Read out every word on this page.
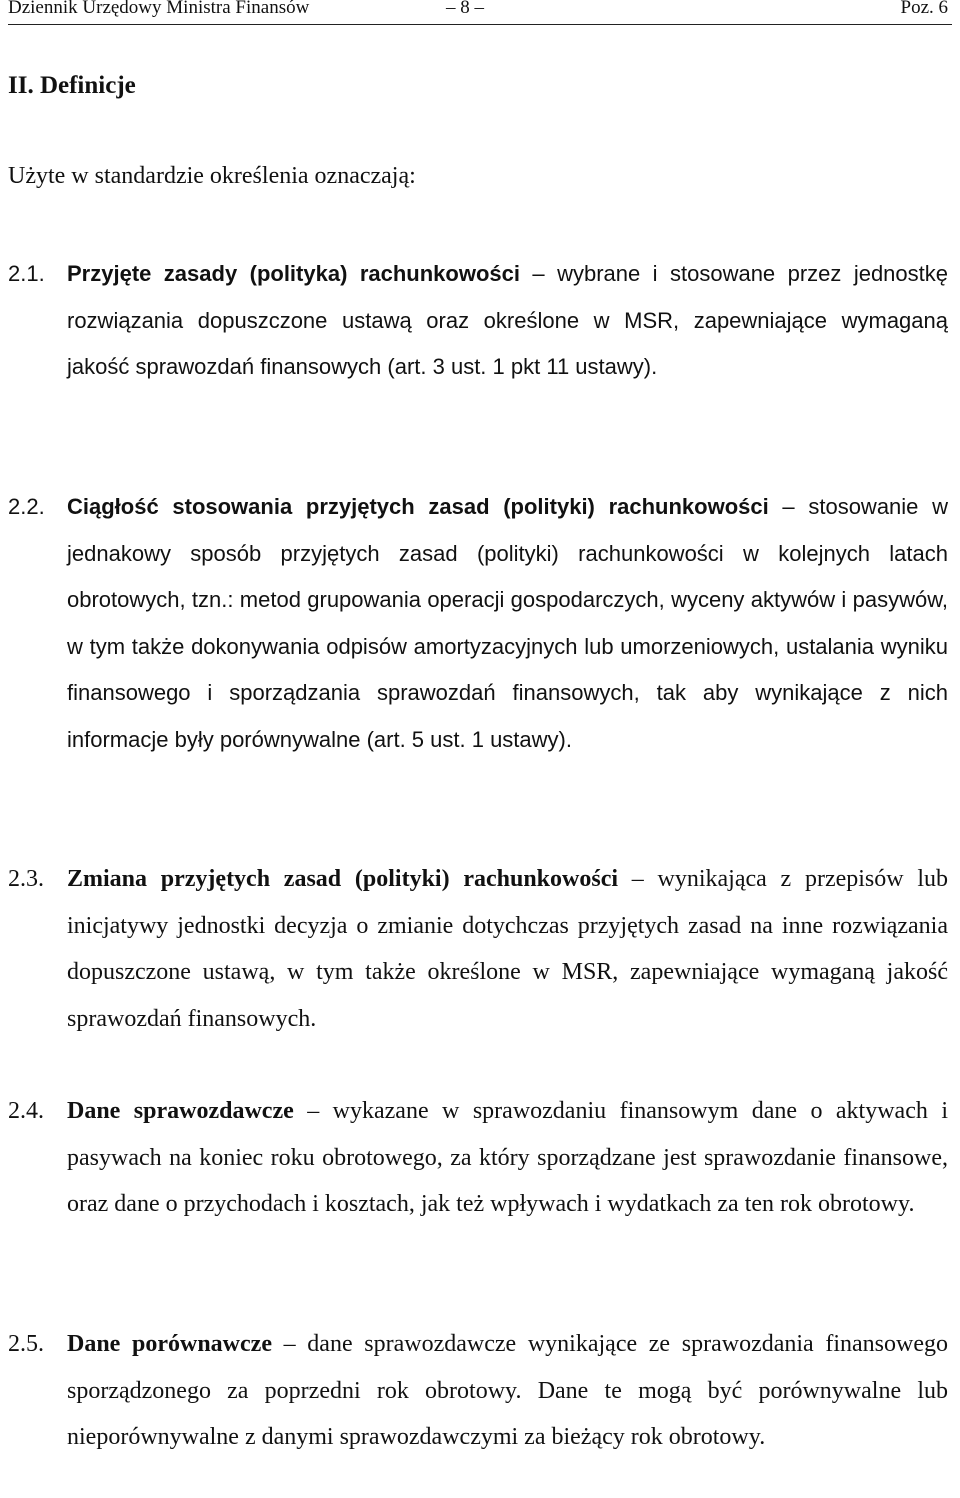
Dziennik Urzędowy Ministra Finansów	– 8 –	Poz. 6
II. Definicje
Użyte w standardzie określenia oznaczają:
2.1. Przyjęte zasady (polityka) rachunkowości – wybrane i stosowane przez jednostkę rozwiązania dopuszczone ustawą oraz określone w MSR, zapewniające wymaganą jakość sprawozdań finansowych (art. 3 ust. 1 pkt 11 ustawy).
2.2. Ciągłość stosowania przyjętych zasad (polityki) rachunkowości – stosowanie w jednakowy sposób przyjętych zasad (polityki) rachunkowości w kolejnych latach obrotowych, tzn.: metod grupowania operacji gospodarczych, wyceny aktywów i pasywów, w tym także dokonywania odpisów amortyzacyjnych lub umorzeniowych, ustalania wyniku finansowego i sporządzania sprawozdań finansowych, tak aby wynikające z nich informacje były porównywalne (art. 5 ust. 1 ustawy).
2.3. Zmiana przyjętych zasad (polityki) rachunkowości – wynikająca z przepisów lub inicjatywy jednostki decyzja o zmianie dotychczas przyjętych zasad na inne rozwiązania dopuszczone ustawą, w tym także określone w MSR, zapewniające wymaganą jakość sprawozdań finansowych.
2.4. Dane sprawozdawcze – wykazane w sprawozdaniu finansowym dane o aktywach i pasywach na koniec roku obrotowego, za który sporządzane jest sprawozdanie finansowe, oraz dane o przychodach i kosztach, jak też wpływach i wydatkach za ten rok obrotowy.
2.5. Dane porównawcze – dane sprawozdawcze wynikające ze sprawozdania finansowego sporządzonego za poprzedni rok obrotowy. Dane te mogą być porównywalne lub nieporównywalne z danymi sprawozdawczymi za bieżący rok obrotowy.
